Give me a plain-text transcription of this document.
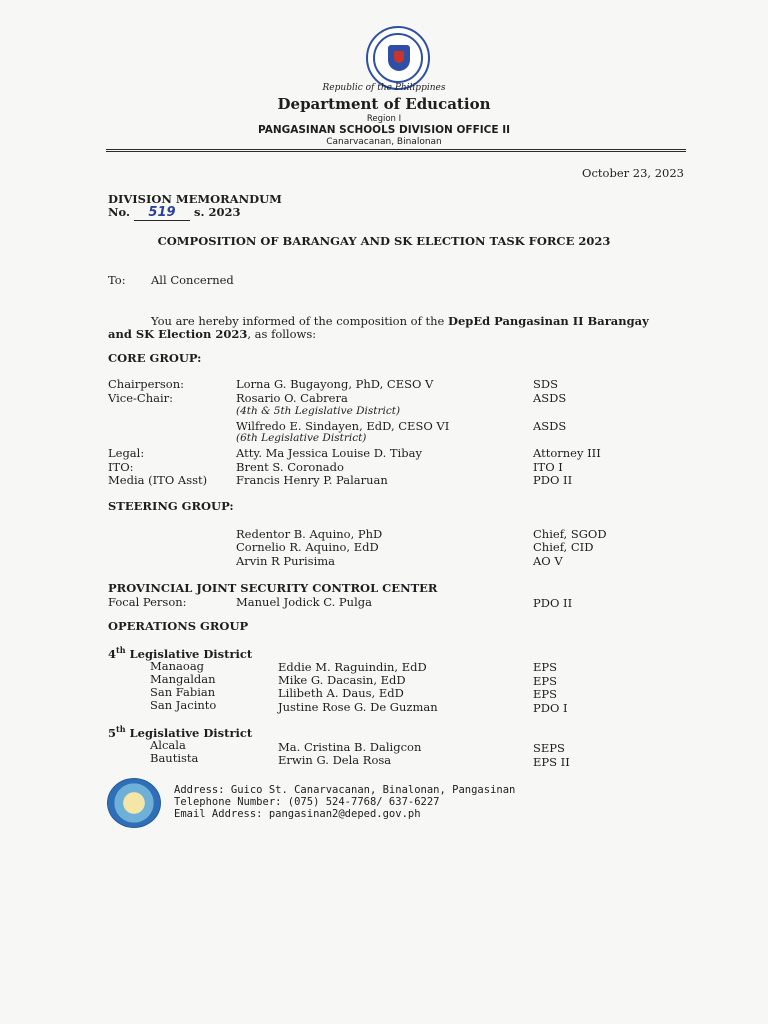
Republic of the Philippines
Department of Education
Region I
PANGASINAN SCHOOLS DIVISION OFFICE II
Canarvacanan, Binalonan
October 23, 2023
DIVISION MEMORANDUM
No. 519 s. 2023
COMPOSITION OF BARANGAY AND SK ELECTION TASK FORCE 2023
To: All Concerned
You are hereby informed of the composition of the DepEd Pangasinan II Barangay
and SK Election 2023, as follows:
CORE GROUP:
Chairperson:	Lorna G. Bugayong, PhD, CESO V	SDS
Vice-Chair:	Rosario O. Cabrera	ASDS
(4th & 5th Legislative District)
Wilfredo E. Sindayen, EdD, CESO VI	ASDS
(6th Legislative District)
Legal:	Atty. Ma Jessica Louise D. Tibay	Attorney III
ITO:	Brent S. Coronado	ITO I
Media (ITO Asst)	Francis Henry P. Palaruan	PDO II
STEERING GROUP:
Redentor B. Aquino, PhD	Chief, SGOD
Cornelio R. Aquino, EdD	Chief, CID
Arvin R Purisima	AO V
PROVINCIAL JOINT SECURITY CONTROL CENTER
Focal Person:	Manuel Jodick C. Pulga	PDO II
OPERATIONS GROUP
4th Legislative District
Manaoag	Eddie M. Raguindin, EdD	EPS
Mangaldan	Mike G. Dacasin, EdD	EPS
San Fabian	Lilibeth A. Daus, EdD	EPS
San Jacinto	Justine Rose G. De Guzman	PDO I
5th Legislative District
Alcala	Ma. Cristina B. Daligcon	SEPS
Bautista	Erwin G. Dela Rosa	EPS II
Address: Guico St. Canarvacanan, Binalonan, Pangasinan
Telephone Number: (075) 524-7768/ 637-6227
Email Address: pangasinan2@deped.gov.ph
